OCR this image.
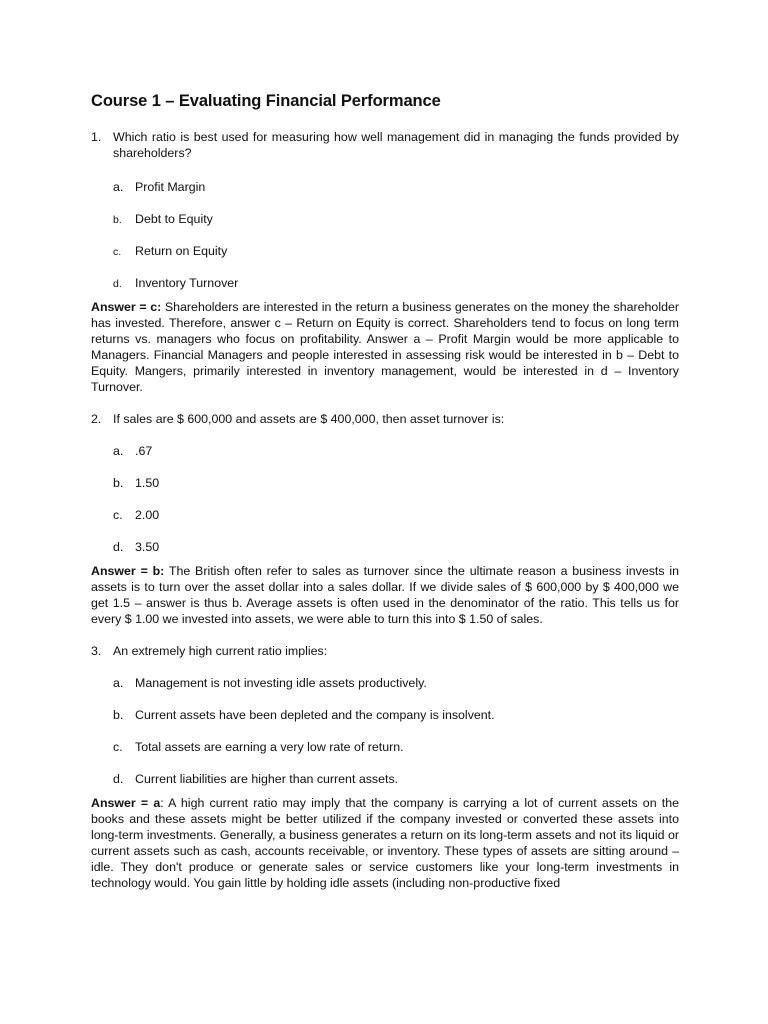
Course 1 – Evaluating Financial Performance

1. Which ratio is best used for measuring how well management did in managing the funds provided by shareholders?

a. Profit Margin
b.	Debt to Equity
c.	Return on Equity
d.	Inventory Turnover

Answer = c: Shareholders are interested in the return a business generates on the money the shareholder has invested. Therefore, answer c – Return on Equity is correct. Shareholders tend to focus on long term returns vs. managers who focus on profitability. Answer a – Profit Margin would be more applicable to Managers. Financial Managers and people interested in assessing risk would be interested in b – Debt to Equity. Mangers, primarily interested in inventory management, would be interested in d – Inventory Turnover.

2. If sales are $ 600,000 and assets are $ 400,000, then asset turnover is:

a. .67
b. 1.50
c. 2.00
d. 3.50

Answer = b: The British often refer to sales as turnover since the ultimate reason a business invests in assets is to turn over the asset dollar into a sales dollar. If we divide sales of $ 600,000 by $ 400,000 we get 1.5 – answer is thus b. Average assets is often used in the denominator of the ratio. This tells us for every $ 1.00 we invested into assets, we were able to turn this into $ 1.50 of sales.

3. An extremely high current ratio implies:

a. Management is not investing idle assets productively.
b. Current assets have been depleted and the company is insolvent.
c. Total assets are earning a very low rate of return.
d. Current liabilities are higher than current assets.

Answer = a: A high current ratio may imply that the company is carrying a lot of current assets on the books and these assets might be better utilized if the company invested or converted these assets into long-term investments. Generally, a business generates a return on its long-term assets and not its liquid or current assets such as cash, accounts receivable, or inventory. These types of assets are sitting around – idle. They don't produce or generate sales or service customers like your long-term investments in technology would. You gain little by holding idle assets (including non-productive fixed
